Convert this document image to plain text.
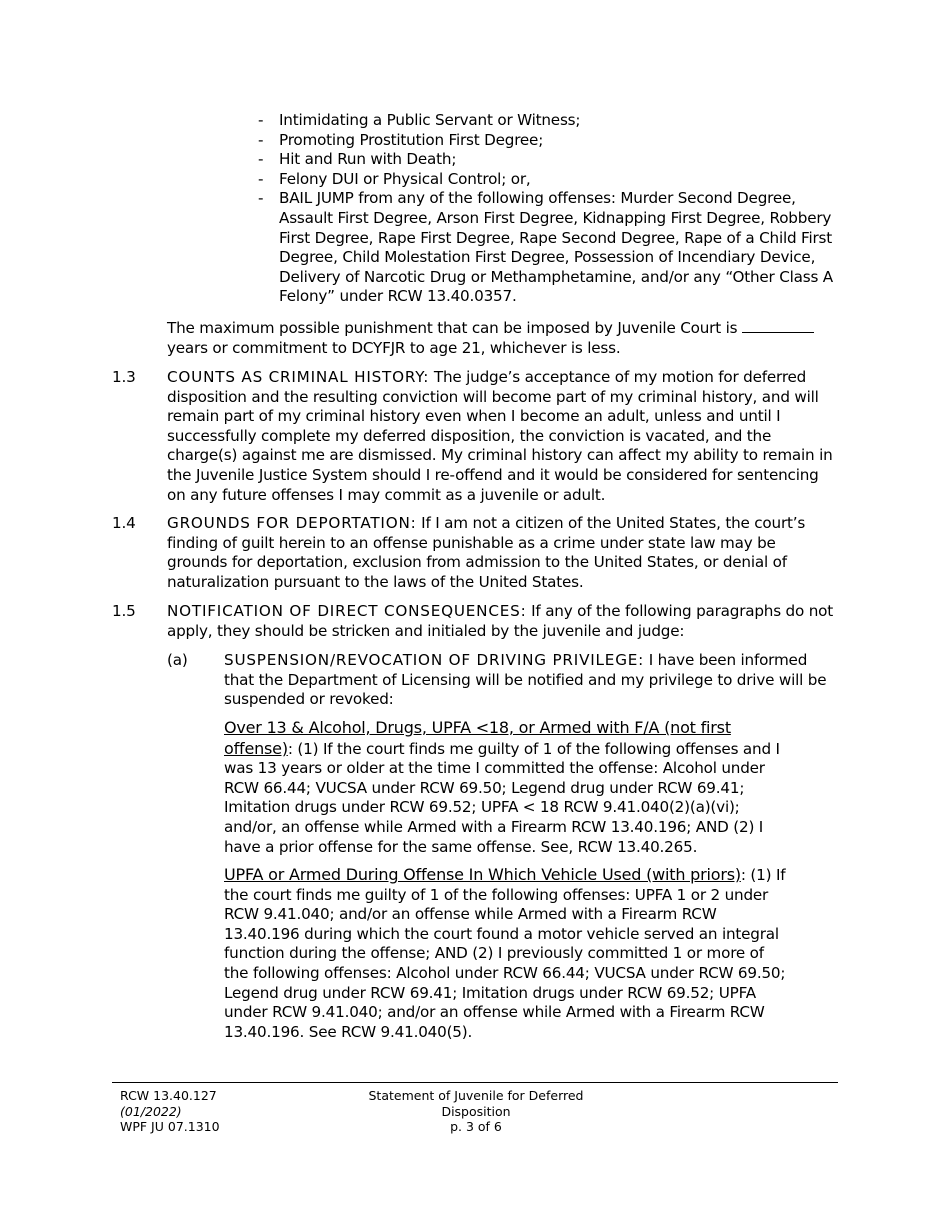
- Intimidating a Public Servant or Witness;
- Promoting Prostitution First Degree;
- Hit and Run with Death;
- Felony DUI or Physical Control; or,
- BAIL JUMP from any of the following offenses: Murder Second Degree, Assault First Degree, Arson First Degree, Kidnapping First Degree, Robbery First Degree, Rape First Degree, Rape Second Degree, Rape of a Child First Degree, Child Molestation First Degree, Possession of Incendiary Device, Delivery of Narcotic Drug or Methamphetamine, and/or any “Other Class A Felony” under RCW 13.40.0357.
The maximum possible punishment that can be imposed by Juvenile Court is  years or commitment to DCYFJR to age 21, whichever is less.
1.3 COUNTS AS CRIMINAL HISTORY: The judge’s acceptance of my motion for deferred disposition and the resulting conviction will become part of my criminal history, and will remain part of my criminal history even when I become an adult, unless and until I successfully complete my deferred disposition, the conviction is vacated, and the charge(s) against me are dismissed. My criminal history can affect my ability to remain in the Juvenile Justice System should I re-offend and it would be considered for sentencing on any future offenses I may commit as a juvenile or adult.
1.4 GROUNDS FOR DEPORTATION: If I am not a citizen of the United States, the court’s finding of guilt herein to an offense punishable as a crime under state law may be grounds for deportation, exclusion from admission to the United States, or denial of naturalization pursuant to the laws of the United States.
1.5 NOTIFICATION OF DIRECT CONSEQUENCES: If any of the following paragraphs do not apply, they should be stricken and initialed by the juvenile and judge:
(a) SUSPENSION/REVOCATION OF DRIVING PRIVILEGE: I have been informed that the Department of Licensing will be notified and my privilege to drive will be suspended or revoked:
Over 13 & Alcohol, Drugs, UPFA <18, or Armed with F/A (not first offense): (1) If the court finds me guilty of 1 of the following offenses and I was 13 years or older at the time I committed the offense: Alcohol under RCW 66.44; VUCSA under RCW 69.50; Legend drug under RCW 69.41; Imitation drugs under RCW 69.52; UPFA < 18 RCW 9.41.040(2)(a)(vi); and/or, an offense while Armed with a Firearm RCW 13.40.196; AND (2) I have a prior offense for the same offense. See, RCW 13.40.265.
UPFA or Armed During Offense In Which Vehicle Used (with priors): (1) If the court finds me guilty of 1 of the following offenses: UPFA 1 or 2 under RCW 9.41.040; and/or an offense while Armed with a Firearm RCW 13.40.196 during which the court found a motor vehicle served an integral function during the offense; AND (2) I previously committed 1 or more of the following offenses: Alcohol under RCW 66.44; VUCSA under RCW 69.50; Legend drug under RCW 69.41; Imitation drugs under RCW 69.52; UPFA under RCW 9.41.040; and/or an offense while Armed with a Firearm RCW 13.40.196. See RCW 9.41.040(5).
RCW 13.40.127
(01/2022)
WPF JU 07.1310
Statement of Juvenile for Deferred
Disposition
p. 3 of 6
